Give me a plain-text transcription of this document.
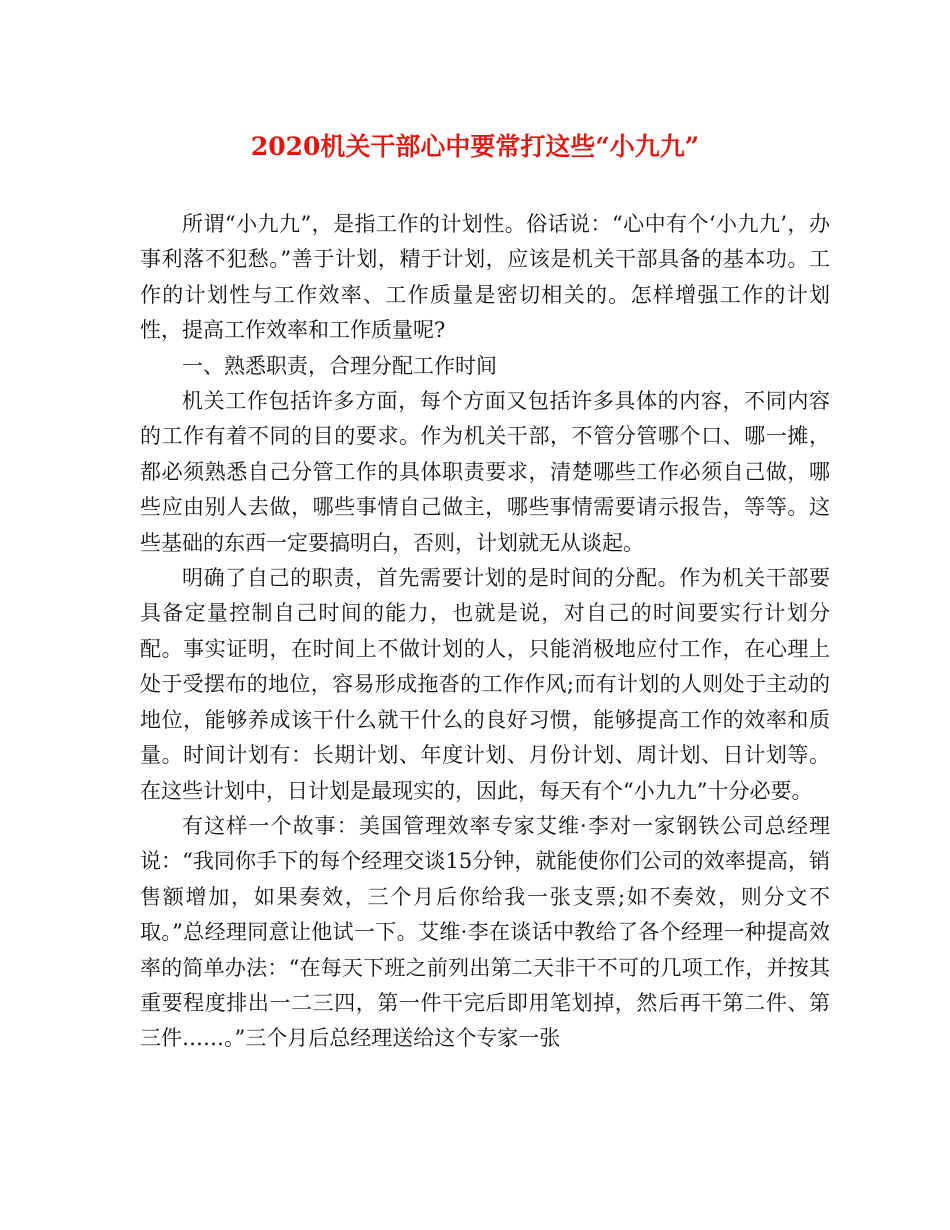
2020机关干部心中要常打这些“小九九”

所谓“小九九”，是指工作的计划性。俗话说：“心中有个‘小九九’，办事利落不犯愁。”善于计划，精于计划，应该是机关干部具备的基本功。工作的计划性与工作效率、工作质量是密切相关的。怎样增强工作的计划性，提高工作效率和工作质量呢?

一、熟悉职责，合理分配工作时间

机关工作包括许多方面，每个方面又包括许多具体的内容，不同内容的工作有着不同的目的要求。作为机关干部，不管分管哪个口、哪一摊，都必须熟悉自己分管工作的具体职责要求，清楚哪些工作必须自己做，哪些应由别人去做，哪些事情自己做主，哪些事情需要请示报告，等等。这些基础的东西一定要搞明白，否则，计划就无从谈起。

明确了自己的职责，首先需要计划的是时间的分配。作为机关干部要具备定量控制自己时间的能力，也就是说，对自己的时间要实行计划分配。事实证明，在时间上不做计划的人，只能消极地应付工作，在心理上处于受摆布的地位，容易形成拖沓的工作作风;而有计划的人则处于主动的地位，能够养成该干什么就干什么的良好习惯，能够提高工作的效率和质量。时间计划有：长期计划、年度计划、月份计划、周计划、日计划等。在这些计划中，日计划是最现实的，因此，每天有个“小九九”十分必要。

有这样一个故事：美国管理效率专家艾维·李对一家钢铁公司总经理说：“我同你手下的每个经理交谈15分钟，就能使你们公司的效率提高，销售额增加，如果奏效，三个月后你给我一张支票;如不奏效，则分文不取。”总经理同意让他试一下。艾维·李在谈话中教给了各个经理一种提高效率的简单办法：“在每天下班之前列出第二天非干不可的几项工作，并按其重要程度排出一二三四，第一件干完后即用笔划掉，然后再干第二件、第三件……。”三个月后总经理送给这个专家一张
